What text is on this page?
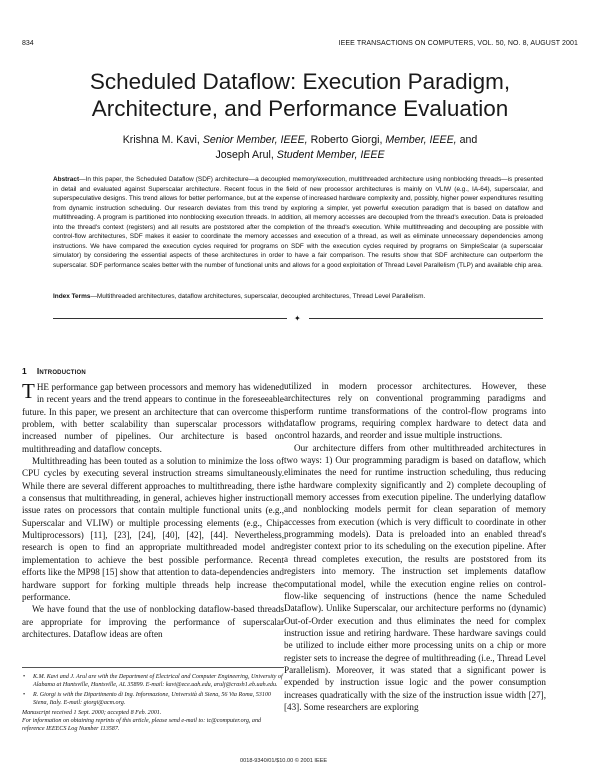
834	IEEE TRANSACTIONS ON COMPUTERS, VOL. 50, NO. 8, AUGUST 2001
Scheduled Dataflow: Execution Paradigm,
Architecture, and Performance Evaluation
Krishna M. Kavi, Senior Member, IEEE, Roberto Giorgi, Member, IEEE, and
Joseph Arul, Student Member, IEEE
Abstract—In this paper, the Scheduled Dataflow (SDF) architecture—a decoupled memory/execution, multithreaded architecture using nonblocking threads—is presented in detail and evaluated against Superscalar architecture. Recent focus in the field of new processor architectures is mainly on VLIW (e.g., IA-64), superscalar, and superspeculative designs. This trend allows for better performance, but at the expense of increased hardware complexity and, possibly, higher power expenditures resulting from dynamic instruction scheduling. Our research deviates from this trend by exploring a simpler, yet powerful execution paradigm that is based on dataflow and multithreading. A program is partitioned into nonblocking execution threads. In addition, all memory accesses are decoupled from the thread's execution. Data is preloaded into the thread's context (registers) and all results are poststored after the completion of the thread's execution. While multithreading and decoupling are possible with control-flow architectures, SDF makes it easier to coordinate the memory accesses and execution of a thread, as well as eliminate unnecessary dependencies among instructions. We have compared the execution cycles required for programs on SDF with the execution cycles required by programs on SimpleScalar (a superscalar simulator) by considering the essential aspects of these architectures in order to have a fair comparison. The results show that SDF architecture can outperform the superscalar. SDF performance scales better with the number of functional units and allows for a good exploitation of Thread Level Parallelism (TLP) and available chip area.
Index Terms—Multithreaded architectures, dataflow architectures, superscalar, decoupled architectures, Thread Level Parallelism.
✦
1 Introduction

THE performance gap between processors and memory has widened in recent years and the trend appears to continue in the foreseeable future. In this paper, we present an architecture that can overcome this problem, with better scalability than superscalar processors with increased number of pipelines. Our architecture is based on multithreading and dataflow concepts.

Multithreading has been touted as a solution to minimize the loss of CPU cycles by executing several instruction streams simultaneously. While there are several different approaches to multithreading, there is a consensus that multithreading, in general, achieves higher instruction issue rates on processors that contain multiple functional units (e.g., Superscalar and VLIW) or multiple processing elements (e.g., Chip Multiprocessors) [11], [23], [24], [40], [42], [44]. Nevertheless, research is open to find an appropriate multithreaded model and implementation to achieve the best possible performance. Recent efforts like the MP98 [15] show that attention to data-dependencies and hardware support for forking multiple threads help increase the performance.

We have found that the use of nonblocking dataflow-based threads are appropriate for improving the performance of superscalar architectures. Dataflow ideas are often

utilized in modern processor architectures. However, these architectures rely on conventional programming paradigms and perform runtime transformations of the control-flow programs into dataflow programs, requiring complex hardware to detect data and control hazards, and reorder and issue multiple instructions.

Our architecture differs from other multithreaded architectures in two ways: 1) Our programming paradigm is based on dataflow, which eliminates the need for runtime instruction scheduling, thus reducing the hardware complexity significantly and 2) complete decoupling of all memory accesses from execution pipeline. The underlying dataflow and nonblocking models permit for clean separation of memory accesses from execution (which is very difficult to coordinate in other programming models). Data is preloaded into an enabled thread's register context prior to its scheduling on the execution pipeline. After a thread completes execution, the results are poststored from its registers into memory. The instruction set implements dataflow computational model, while the execution engine relies on control-flow-like sequencing of instructions (hence the name Scheduled Dataflow). Unlike Superscalar, our architecture performs no (dynamic) Out-of-Order execution and thus eliminates the need for complex instruction issue and retiring hardware. These hardware savings could be utilized to include either more processing units on a chip or more register sets to increase the degree of multithreading (i.e., Thread Level Parallelism). Moreover, it was stated that a significant power is expended by instruction issue logic and the power consumption increases quadratically with the size of the instruction issue width [27], [43]. Some researchers are exploring

• K.M. Kavi and J. Arul are with the Department of Electrical and Computer Engineering, University of Alabama at Huntsville, Huntsville, AL 35899. E-mail: kavi@ece.uah.edu, arulj@crash1.eb.uah.edu.
• R. Giorgi is with the Dipartimento di Ing. Informazione, Università di Siena, 56 Via Roma, 53100 Siena, Italy. E-mail: giorgi@acm.org.
Manuscript received 1 Sept. 2000; accepted 8 Feb. 2001.
For information on obtaining reprints of this article, please send e-mail to: tc@computer.org, and reference IEEECS Log Number 113587.
0018-9340/01/$10.00 © 2001 IEEE
